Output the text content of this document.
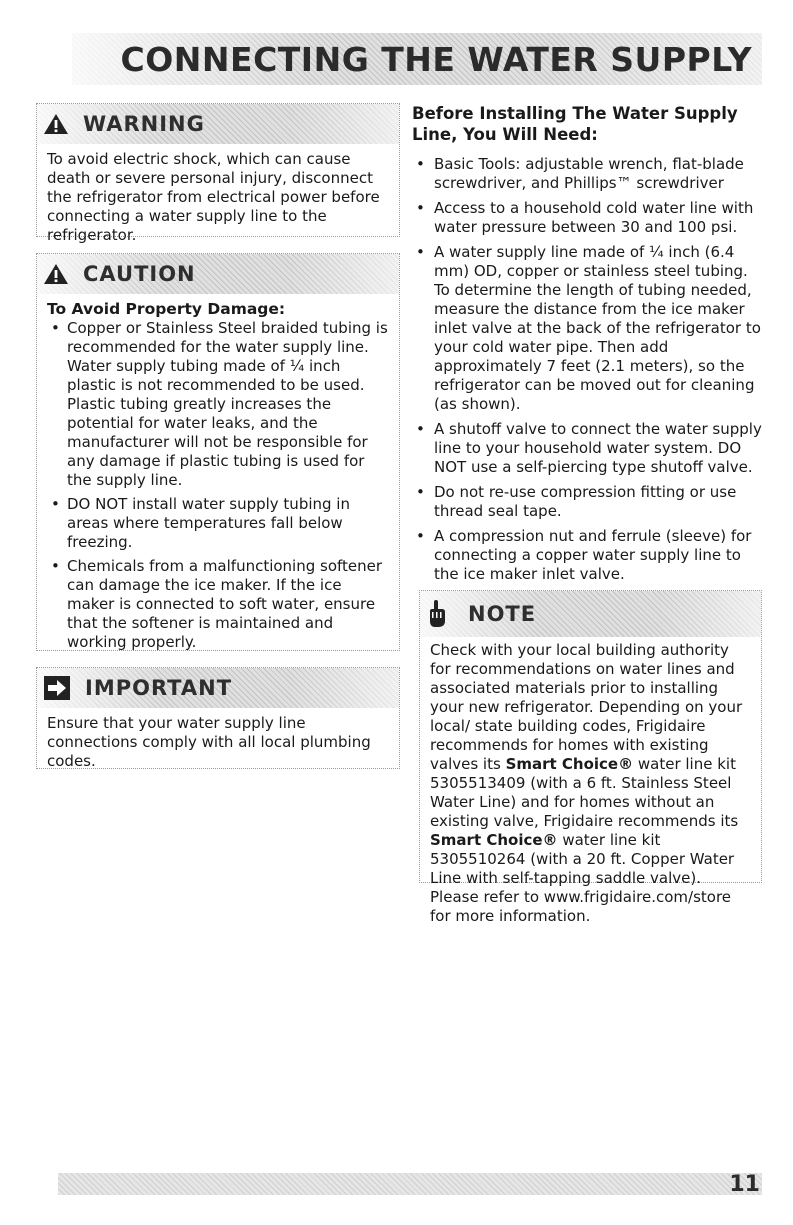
CONNECTING THE WATER SUPPLY
WARNING

To avoid electric shock, which can cause death or severe personal injury, disconnect the refrigerator from electrical power before connecting a water supply line to the refrigerator.

CAUTION

To Avoid Property Damage:

• Copper or Stainless Steel braided tubing is recommended for the water supply line. Water supply tubing made of ¼ inch plastic is not recommended to be used. Plastic tubing greatly increases the potential for water leaks, and the manufacturer will not be responsible for any damage if plastic tubing is used for the supply line.
• DO NOT install water supply tubing in areas where temperatures fall below freezing.
• Chemicals from a malfunctioning softener can damage the ice maker. If the ice maker is connected to soft water, ensure that the softener is maintained and working properly.
IMPORTANT

Ensure that your water supply line connections comply with all local plumbing codes.

Before Installing The Water Supply Line, You Will Need:
• Basic Tools: adjustable wrench, flat-blade screwdriver, and Phillips™ screwdriver
• Access to a household cold water line with water pressure between 30 and 100 psi.
• A water supply line made of ¼ inch (6.4 mm) OD, copper or stainless steel tubing. To determine the length of tubing needed, measure the distance from the ice maker inlet valve at the back of the refrigerator to your cold water pipe. Then add approximately 7 feet (2.1 meters), so the refrigerator can be moved out for cleaning (as shown).
• A shutoff valve to connect the water supply line to your household water system. DO NOT use a self-piercing type shutoff valve.
• Do not re-use compression fitting or use thread seal tape.
• A compression nut and ferrule (sleeve) for connecting a copper water supply line to the ice maker inlet valve.
NOTE

Check with your local building authority for recommendations on water lines and associated materials prior to installing your new refrigerator. Depending on your local/ state building codes, Frigidaire recommends for homes with existing valves its Smart Choice® water line kit 5305513409 (with a 6 ft. Stainless Steel Water Line) and for homes without an existing valve, Frigidaire recommends its Smart Choice® water line kit 5305510264 (with a 20 ft. Copper Water Line with self-tapping saddle valve). Please refer to www.frigidaire.com/store for more information.

11
